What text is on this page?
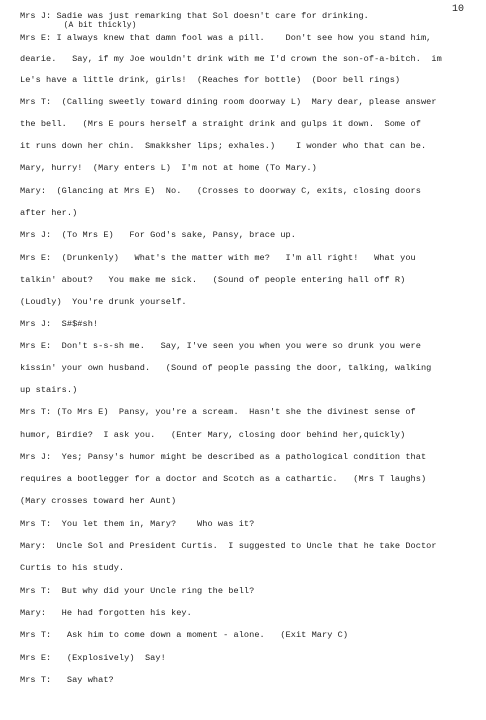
10
Mrs J: Sadie was just remarking that Sol doesn't care for drinking.
(A bit thickly)
Mrs E: I always knew that damn fool was a pill.    Don't see how you stand him,
dearie.   Say, if my Joe wouldn't drink with me I'd crown the son-of-a-bitch.  im
Le's have a little drink, girls!  (Reaches for bottle)  (Door bell rings)
Mrs T:  (Calling sweetly toward dining room doorway L)  Mary dear, please answer
the bell.   (Mrs E pours herself a straight drink and gulps it down.  Some of
it runs down her chin.  Smakksher lips; exhales.)    I wonder who that can be.
Mary, hurry!  (Mary enters L)  I'm not at home (To Mary.)
Mary:  (Glancing at Mrs E)  No.   (Crosses to doorway C, exits, closing doors
after her.)
Mrs J:  (To Mrs E)   For God's sake, Pansy, brace up.
Mrs E:  (Drunkenly)   What's the matter with me?   I'm all right!   What you
talkin' about?   You make me sick.   (Sound of people entering hall off R)
(Loudly)  You're drunk yourself.
Mrs J:  S#$#sh!
Mrs E:  Don't s-s-sh me.   Say, I've seen you when you were so drunk you were
kissin' your own husband.   (Sound of people passing the door, talking, walking
up stairs.)
Mrs T: (To Mrs E)  Pansy, you're a scream.  Hasn't she the divinest sense of
humor, Birdie?  I ask you.   (Enter Mary, closing door behind her,quickly)
Mrs J:  Yes; Pansy's humor might be described as a pathological condition that
requires a bootlegger for a doctor and Scotch as a cathartic.   (Mrs T laughs)
(Mary crosses toward her Aunt)
Mrs T:  You let them in, Mary?    Who was it?
Mary:  Uncle Sol and President Curtis.  I suggested to Uncle that he take Doctor
Curtis to his study.
Mrs T:  But why did your Uncle ring the bell?
Mary:   He had forgotten his key.
Mrs T:   Ask him to come down a moment - alone.   (Exit Mary C)
Mrs E:   (Explosively)  Say!
Mrs T:   Say what?
